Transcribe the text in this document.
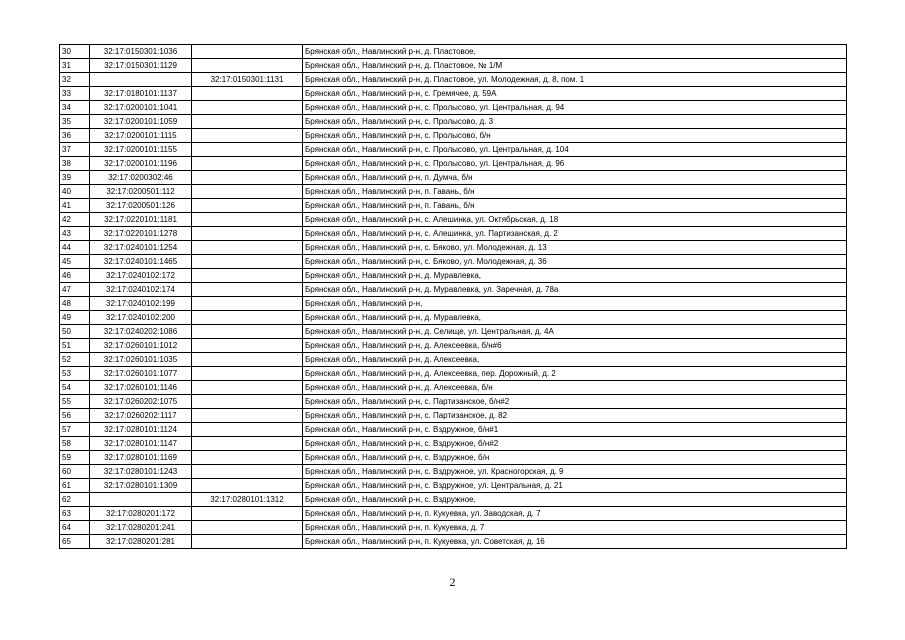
30	32:17:0150301:1036		Брянская обл., Навлинский р-н, д. Пластовое,
31	32:17:0150301:1129		Брянская обл., Навлинский р-н, д. Пластовое, № 1/М
32		32:17:0150301:1131	Брянская обл., Навлинский р-н, д. Пластовое, ул. Молодежная, д. 8, пом. 1
33	32:17:0180101:1137		Брянская обл., Навлинский р-н, с. Гремячее, д. 59А
34	32:17:0200101:1041		Брянская обл., Навлинский р-н, с. Пролысово, ул. Центральная, д. 94
35	32:17:0200101:1059		Брянская обл., Навлинский р-н, с. Пролысово, д. 3
36	32:17:0200101:1115		Брянская обл., Навлинский р-н, с. Пролысово, б/н
37	32:17:0200101:1155		Брянская обл., Навлинский р-н, с. Пролысово, ул. Центральная, д. 104
38	32:17:0200101:1196		Брянская обл., Навлинский р-н, с. Пролысово, ул. Центральная, д. 96
39	32:17:0200302:46		Брянская обл., Навлинский р-н, п. Думча, б/н
40	32:17:0200501:112		Брянская обл., Навлинский р-н, п. Гавань, б/н
41	32:17:0200501:126		Брянская обл., Навлинский р-н, п. Гавань, б/н
42	32:17:0220101:1181		Брянская обл., Навлинский р-н, с. Алешинка, ул. Октябрьская, д. 18
43	32:17:0220101:1278		Брянская обл., Навлинский р-н, с. Алешинка, ул. Партизанская, д. 2
44	32:17:0240101:1254		Брянская обл., Навлинский р-н, с. Бяково, ул. Молодежная, д. 13
45	32:17:0240101:1465		Брянская обл., Навлинский р-н, с. Бяково, ул. Молодежная, д. 36
46	32:17:0240102:172		Брянская обл., Навлинский р-н, д. Муравлевка,
47	32:17:0240102:174		Брянская обл., Навлинский р-н, д. Муравлевка, ул. Заречная, д. 78а
48	32:17:0240102:199		Брянская обл., Навлинский р-н,
49	32:17:0240102:200		Брянская обл., Навлинский р-н, д. Муравлевка,
50	32:17:0240202:1086		Брянская обл., Навлинский р-н, д. Селище, ул. Центральная, д. 4А
51	32:17:0260101:1012		Брянская обл., Навлинский р-н, д. Алексеевка, б/н#6
52	32:17:0260101:1035		Брянская обл., Навлинский р-н, д. Алексеевка,
53	32:17:0260101:1077		Брянская обл., Навлинский р-н, д. Алексеевка, пер. Дорожный, д. 2
54	32:17:0260101:1146		Брянская обл., Навлинский р-н, д. Алексеевка, б/н
55	32:17:0260202:1075		Брянская обл., Навлинский р-н, с. Партизанское, б/н#2
56	32:17:0260202:1117		Брянская обл., Навлинский р-н, с. Партизанское, д. 82
57	32:17:0280101:1124		Брянская обл., Навлинский р-н, с. Вздружное, б/н#1
58	32:17:0280101:1147		Брянская обл., Навлинский р-н, с. Вздружное, б/н#2
59	32:17:0280101:1169		Брянская обл., Навлинский р-н, с. Вздружное, б/н
60	32:17:0280101:1243		Брянская обл., Навлинский р-н, с. Вздружное, ул. Красногорская, д. 9
61	32:17:0280101:1309		Брянская обл., Навлинский р-н, с. Вздружное, ул. Центральная, д. 21
62		32:17:0280101:1312	Брянская обл., Навлинский р-н, с. Вздружное,
63	32:17:0280201:172		Брянская обл., Навлинский р-н, п. Кукуевка, ул. Заводская, д. 7
64	32:17:0280201:241		Брянская обл., Навлинский р-н, п. Кукуевка, д. 7
65	32:17:0280201:281		Брянская обл., Навлинский р-н, п. Кукуевка, ул. Советская, д. 16
2
